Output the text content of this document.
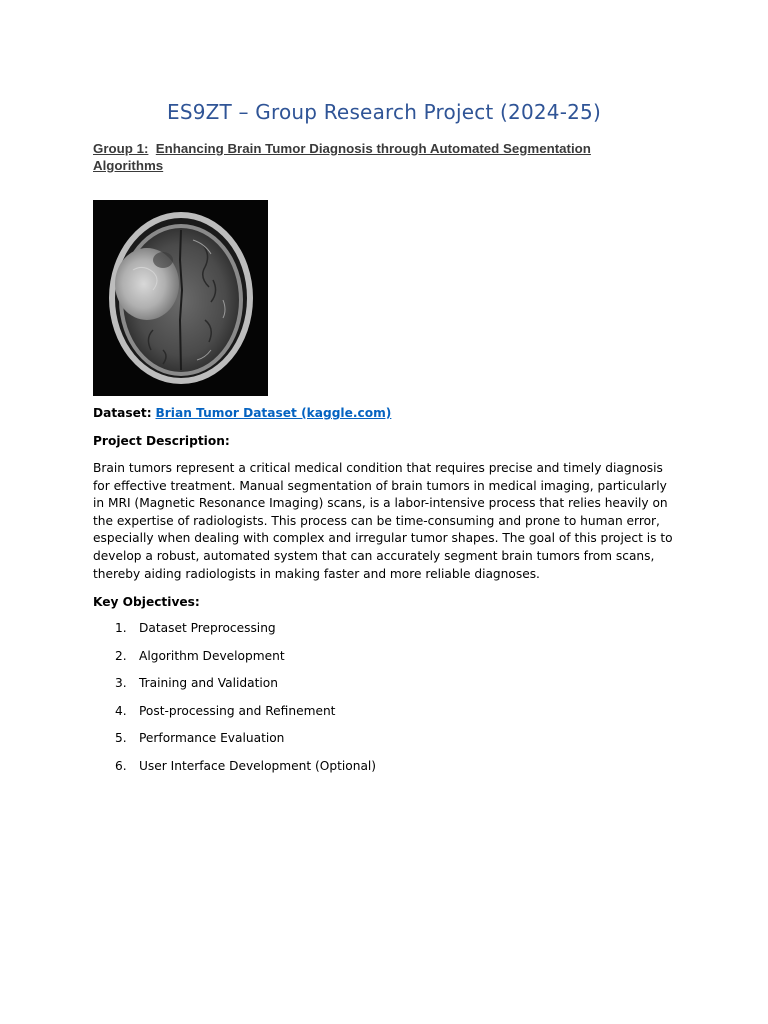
ES9ZT – Group Research Project (2024-25)
Group 1: Enhancing Brain Tumor Diagnosis through Automated Segmentation Algorithms
Dataset: Brian Tumor Dataset (kaggle.com)
Project Description:
Brain tumors represent a critical medical condition that requires precise and timely diagnosis for effective treatment. Manual segmentation of brain tumors in medical imaging, particularly in MRI (Magnetic Resonance Imaging) scans, is a labor-intensive process that relies heavily on the expertise of radiologists. This process can be time-consuming and prone to human error, especially when dealing with complex and irregular tumor shapes. The goal of this project is to develop a robust, automated system that can accurately segment brain tumors from scans, thereby aiding radiologists in making faster and more reliable diagnoses.
Key Objectives:
1. Dataset Preprocessing
2. Algorithm Development
3. Training and Validation
4. Post-processing and Refinement
5. Performance Evaluation
6. User Interface Development (Optional)
